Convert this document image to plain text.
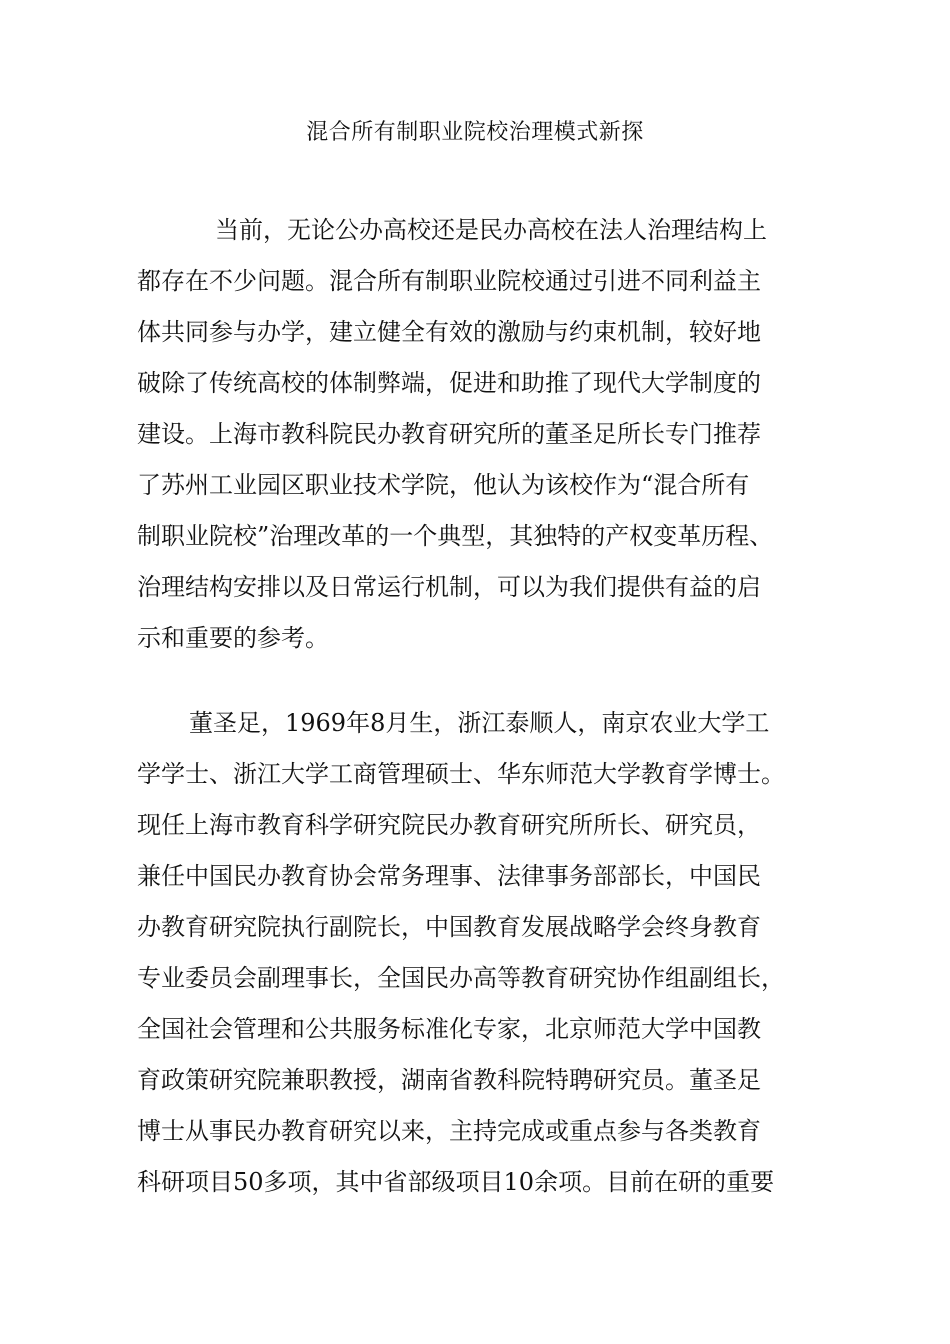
混合所有制职业院校治理模式新探
当前，无论公办高校还是民办高校在法人治理结构上
都存在不少问题。混合所有制职业院校通过引进不同利益主
体共同参与办学，建立健全有效的激励与约束机制，较好地
破除了传统高校的体制弊端，促进和助推了现代大学制度的
建设。上海市教科院民办教育研究所的董圣足所长专门推荐
了苏州工业园区职业技术学院，他认为该校作为“混合所有
制职业院校”治理改革的一个典型，其独特的产权变革历程、
治理结构安排以及日常运行机制，可以为我们提供有益的启
示和重要的参考。
董圣足，1969年8月生，浙江泰顺人，南京农业大学工
学学士、浙江大学工商管理硕士、华东师范大学教育学博士。
现任上海市教育科学研究院民办教育研究所所长、研究员，
兼任中国民办教育协会常务理事、法律事务部部长，中国民
办教育研究院执行副院长，中国教育发展战略学会终身教育
专业委员会副理事长，全国民办高等教育研究协作组副组长，
全国社会管理和公共服务标准化专家，北京师范大学中国教
育政策研究院兼职教授，湖南省教科院特聘研究员。董圣足
博士从事民办教育研究以来，主持完成或重点参与各类教育
科研项目50多项，其中省部级项目10余项。目前在研的重要
